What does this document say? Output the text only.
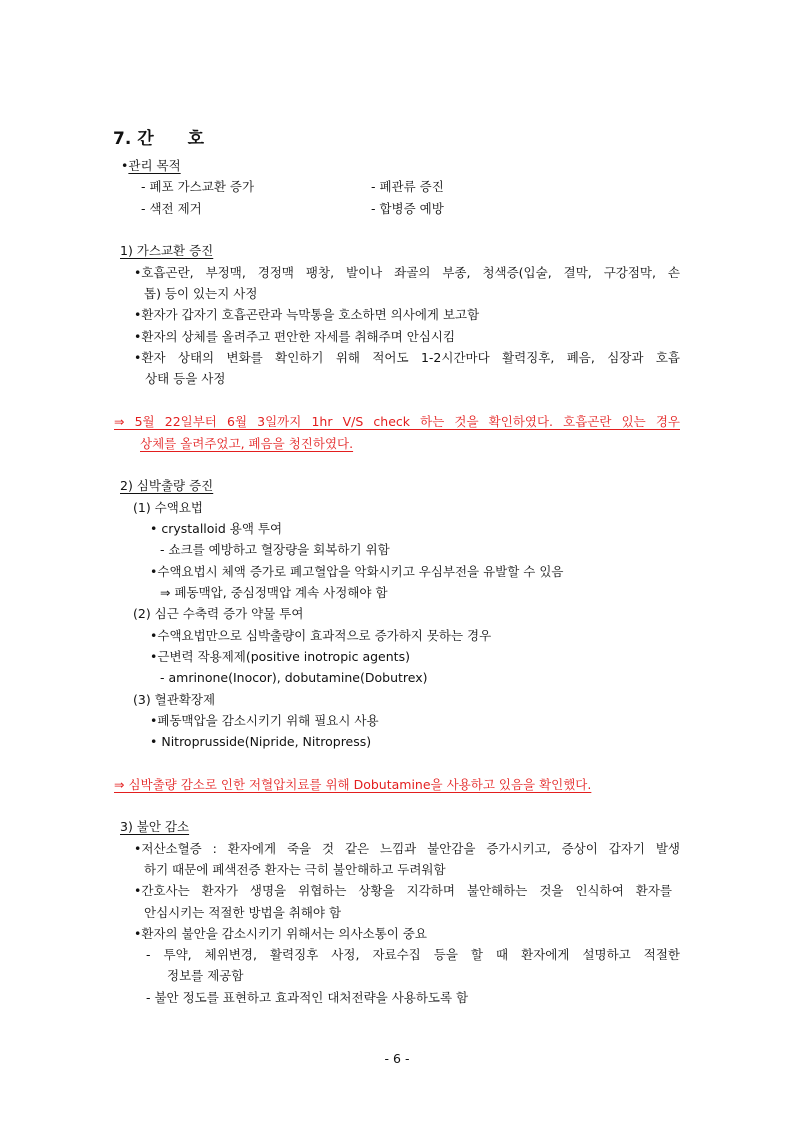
7. 간 호
•관리 목적
- 폐포 가스교환 증가	- 폐관류 증진
- 색전 제거	- 합병증 예방
1) 가스교환 증진
•호흡곤란, 부정맥, 경정맥 팽창, 발이나 좌골의 부종, 청색증(입술, 결막, 구강점막, 손
톱) 등이 있는지 사정
•환자가 갑자기 호흡곤란과 늑막통을 호소하면 의사에게 보고함
•환자의 상체를 올려주고 편안한 자세를 취해주며 안심시킴
•환자 상태의 변화를 확인하기 위해 적어도 1-2시간마다 활력징후, 폐음, 심장과 호흡
상태 등을 사정
⇒ 5월 22일부터 6월 3일까지 1hr V/S check 하는 것을 확인하였다. 호흡곤란 있는 경우
상체를 올려주었고, 폐음을 청진하였다.
2) 심박출량 증진
(1) 수액요법
• crystalloid 용액 투여
- 쇼크를 예방하고 혈장량을 회복하기 위함
•수액요법시 체액 증가로 폐고혈압을 악화시키고 우심부전을 유발할 수 있음
⇒ 폐동맥압, 중심정맥압 계속 사정해야 함
(2) 심근 수축력 증가 약물 투여
•수액요법만으로 심박출량이 효과적으로 증가하지 못하는 경우
•근변력 작용제제(positive inotropic agents)
- amrinone(Inocor), dobutamine(Dobutrex)
(3) 혈관확장제
•폐동맥압을 감소시키기 위해 필요시 사용
• Nitroprusside(Nipride, Nitropress)
⇒ 심박출량 감소로 인한 저혈압치료를 위해 Dobutamine을 사용하고 있음을 확인했다.
3) 불안 감소
•저산소혈증 : 환자에게 죽을 것 같은 느낌과 불안감을 증가시키고, 증상이 갑자기 발생
하기 때문에 폐색전증 환자는 극히 불안해하고 두려워함
•간호사는 환자가 생명을 위협하는 상황을 지각하며 불안해하는 것을 인식하여 환자를
안심시키는 적절한 방법을 취해야 함
•환자의 불안을 감소시키기 위해서는 의사소통이 중요
- 투약, 체위변경, 활력징후 사정, 자료수집 등을 할 때 환자에게 설명하고 적절한
정보를 제공함
- 불안 정도를 표현하고 효과적인 대처전략을 사용하도록 함
- 6 -
